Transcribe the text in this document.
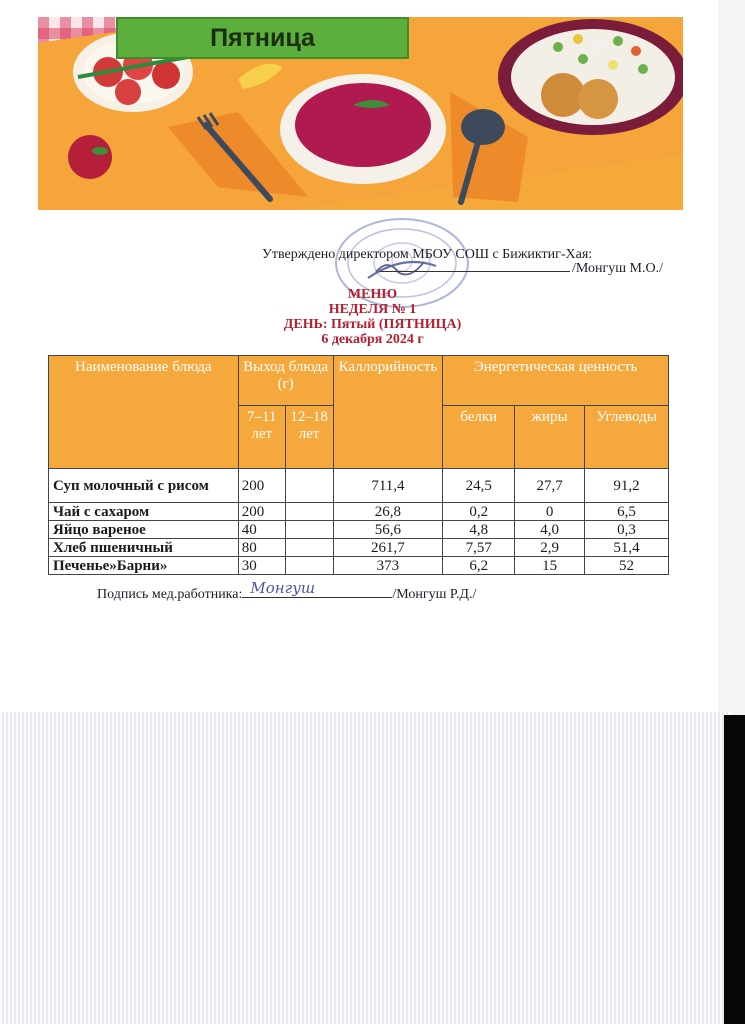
Пятница
Утверждено директором МБОУ СОШ с Бижиктиг-Хая:
/Монгуш М.О./
МЕНЮ
НЕДЕЛЯ № 1
ДЕНЬ: Пятый (ПЯТНИЦА)
6 декабря 2024 г
Наименование блюда	Выход блюда (г)		Каллорийность	Энергетическая ценность		
	7–11 лет	12–18 лет		белки	жиры	Углеводы
Суп молочный с рисом	200		711,4	24,5	27,7	91,2
Чай с сахаром	200		26,8	0,2	0	6,5
Яйцо вареное	40		56,6	4,8	4,0	0,3
Хлеб пшеничный	80		261,7	7,57	2,9	51,4
Печенье»Барни»	30		373	6,2	15	52
Подпись мед.работника: Монгуш	/Монгуш Р.Д./
